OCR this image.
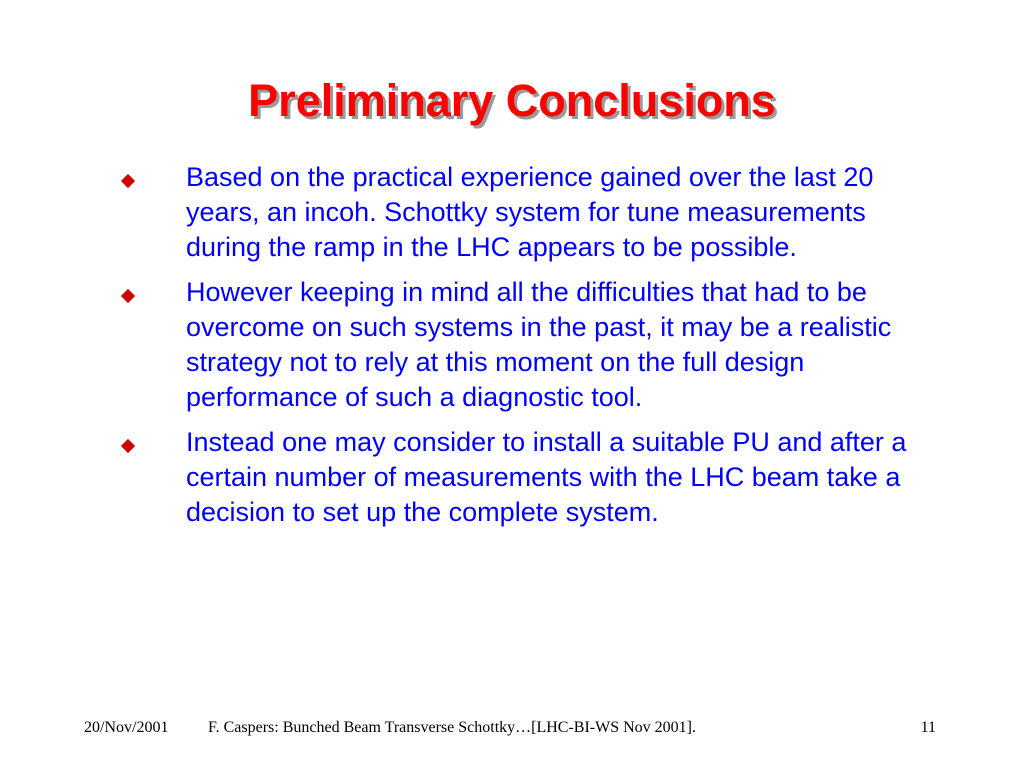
Preliminary Conclusions
Based on the practical experience gained over the last 20 years, an incoh. Schottky system for tune measurements during the ramp in the LHC appears to be possible.
However keeping in mind all the difficulties that had to be overcome on such systems in the past, it may be a realistic strategy not to rely at this moment on the full design performance of such a diagnostic tool.
Instead one may consider to install a suitable PU and after a certain number of measurements with the LHC beam take a decision to set up the complete system.
20/Nov/2001 F. Caspers: Bunched Beam Transverse Schottky…[LHC-BI-WS Nov 2001].	11
